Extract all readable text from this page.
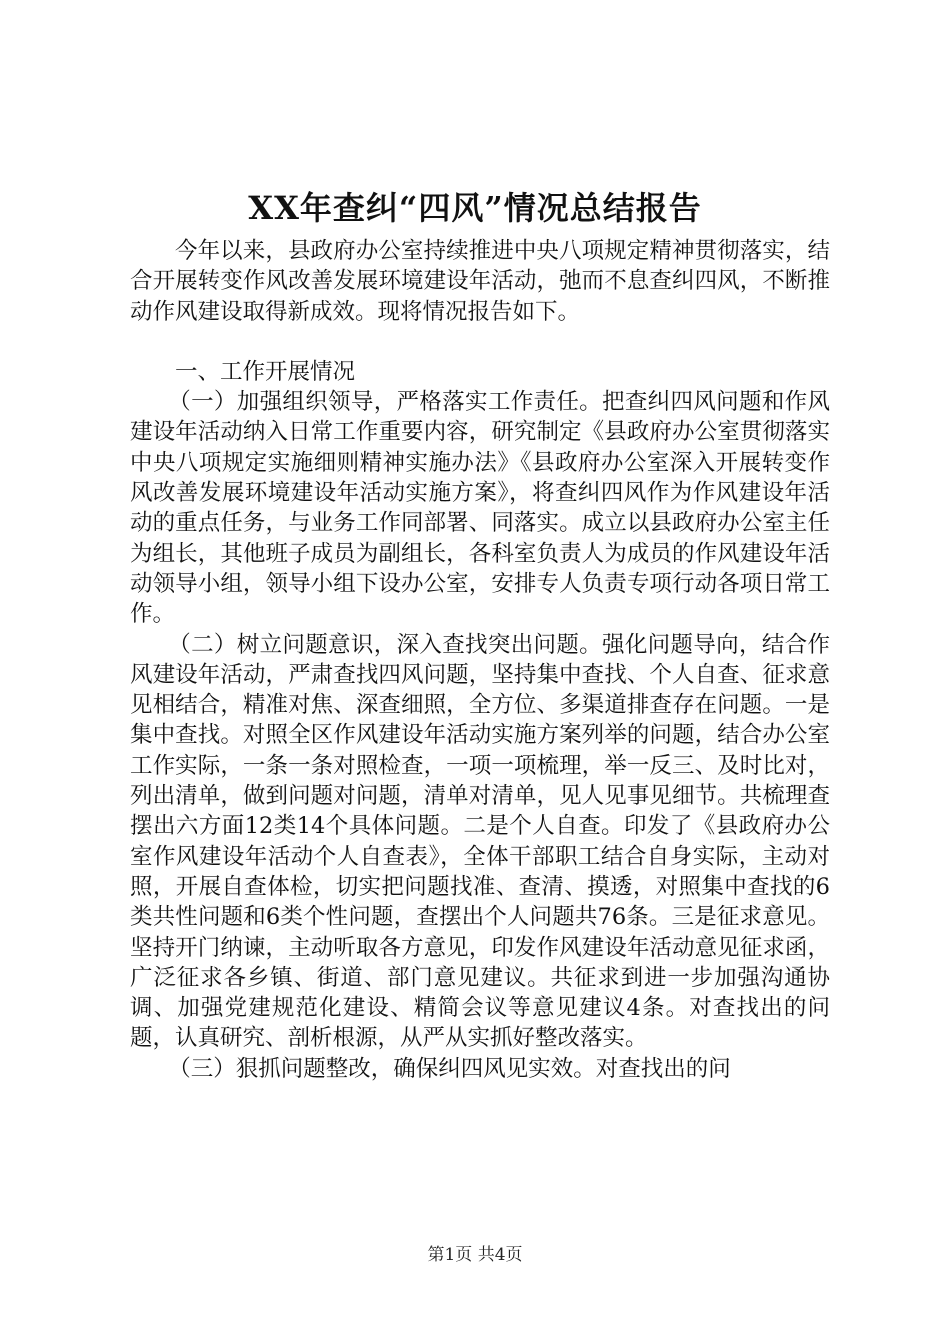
XX年查纠“四风”情况总结报告

今年以来，县政府办公室持续推进中央八项规定精神贯彻落实，结合开展转变作风改善发展环境建设年活动，弛而不息查纠四风，不断推动作风建设取得新成效。现将情况报告如下。

一、工作开展情况

（一）加强组织领导，严格落实工作责任。把查纠四风问题和作风建设年活动纳入日常工作重要内容，研究制定《县政府办公室贯彻落实中央八项规定实施细则精神实施办法》《县政府办公室深入开展转变作风改善发展环境建设年活动实施方案》，将查纠四风作为作风建设年活动的重点任务，与业务工作同部署、同落实。成立以县政府办公室主任为组长，其他班子成员为副组长，各科室负责人为成员的作风建设年活动领导小组，领导小组下设办公室，安排专人负责专项行动各项日常工作。

（二）树立问题意识，深入查找突出问题。强化问题导向，结合作风建设年活动，严肃查找四风问题，坚持集中查找、个人自查、征求意见相结合，精准对焦、深查细照，全方位、多渠道排查存在问题。一是集中查找。对照全区作风建设年活动实施方案列举的问题，结合办公室工作实际，一条一条对照检查，一项一项梳理，举一反三、及时比对，列出清单，做到问题对问题，清单对清单，见人见事见细节。共梳理查摆出六方面12类14个具体问题。二是个人自查。印发了《县政府办公室作风建设年活动个人自查表》，全体干部职工结合自身实际，主动对照，开展自查体检，切实把问题找准、查清、摸透，对照集中查找的6类共性问题和6类个性问题，查摆出个人问题共76条。三是征求意见。坚持开门纳谏，主动听取各方意见，印发作风建设年活动意见征求函，广泛征求各乡镇、街道、部门意见建议。共征求到进一步加强沟通协调、加强党建规范化建设、精简会议等意见建议4条。对查找出的问题，认真研究、剖析根源，从严从实抓好整改落实。

（三）狠抓问题整改，确保纠四风见实效。对查找出的问

第1页 共4页
